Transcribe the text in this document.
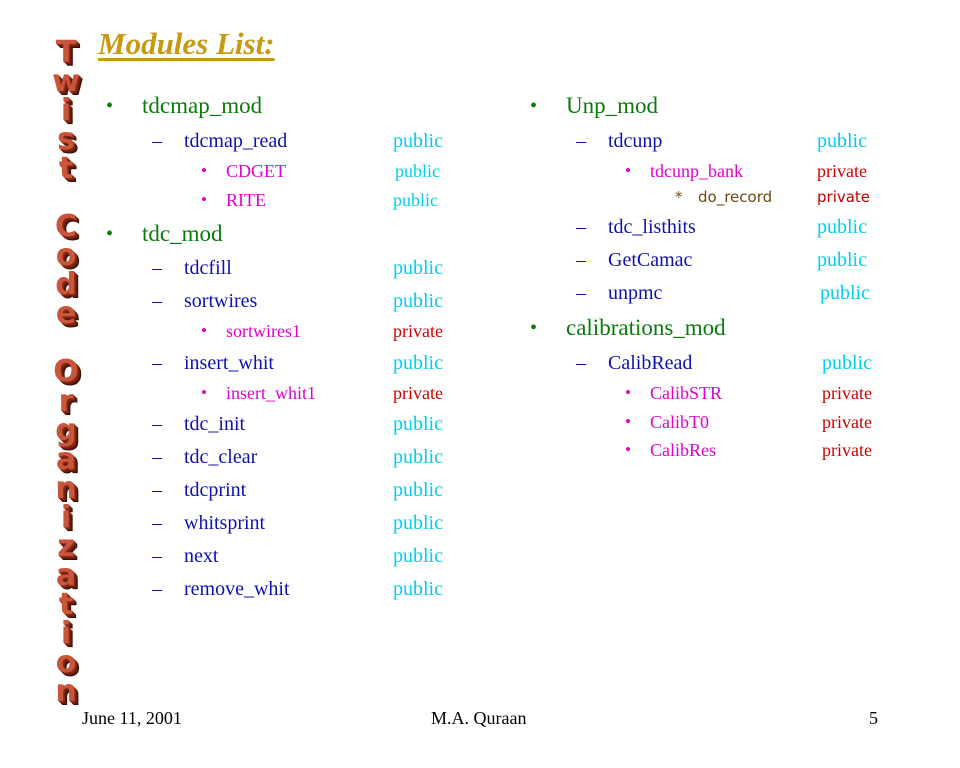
Modules List:
T
w
i
s
t
C
o
d
e
O
r
g
a
n
i
z
a
t
i
o
n
• tdcmap_mod
– tdcmap_read	public
• CDGET	public
• RITE	public
• tdc_mod
– tdcfill	public
– sortwires	public
• sortwires1	private
– insert_whit	public
• insert_whit1	private
– tdc_init	public
– tdc_clear	public
– tdcprint	public
– whitsprint	public
– next	public
– remove_whit	public
• Unp_mod
– tdcunp	public
• tdcunp_bank	private
* do_record	private
– tdc_listhits	public
– GetCamac	public
– unpmc	public
• calibrations_mod
– CalibRead	public
• CalibSTR	private
• CalibT0	private
• CalibRes	private
June 11, 2001	M.A. Quraan	5
